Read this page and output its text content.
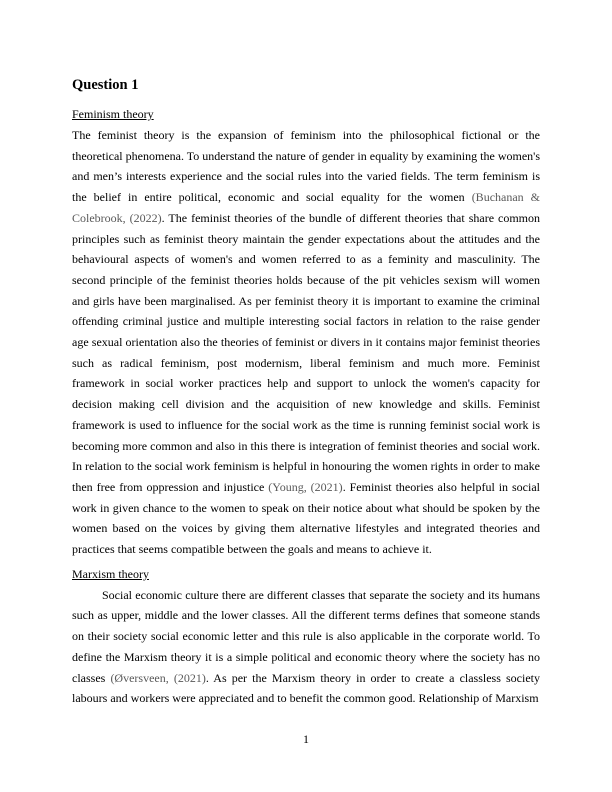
Question 1
Feminism theory

The feminist theory is the expansion of feminism into the philosophical fictional or the theoretical phenomena. To understand the nature of gender in equality by examining the women's and men’s interests experience and the social rules into the varied fields. The term feminism is the belief in entire political, economic and social equality for the women (Buchanan & Colebrook, (2022). The feminist theories of the bundle of different theories that share common principles such as feminist theory maintain the gender expectations about the attitudes and the behavioural aspects of women's and women referred to as a feminity and masculinity. The second principle of the feminist theories holds because of the pit vehicles sexism will women and girls have been marginalised. As per feminist theory it is important to examine the criminal offending criminal justice and multiple interesting social factors in relation to the raise gender age sexual orientation also the theories of feminist or divers in it contains major feminist theories such as radical feminism, post modernism, liberal feminism and much more. Feminist framework in social worker practices help and support to unlock the women's capacity for decision making cell division and the acquisition of new knowledge and skills. Feminist framework is used to influence for the social work as the time is running feminist social work is becoming more common and also in this there is integration of feminist theories and social work. In relation to the social work feminism is helpful in honouring the women rights in order to make then free from oppression and injustice (Young, (2021). Feminist theories also helpful in social work in given chance to the women to speak on their notice about what should be spoken by the women based on the voices by giving them alternative lifestyles and integrated theories and practices that seems compatible between the goals and means to achieve it.

Marxism theory

Social economic culture there are different classes that separate the society and its humans such as upper, middle and the lower classes. All the different terms defines that someone stands on their society social economic letter and this rule is also applicable in the corporate world. To define the Marxism theory it is a simple political and economic theory where the society has no classes (Øversveen, (2021). As per the Marxism theory in order to create a classless society labours and workers were appreciated and to benefit the common good. Relationship of Marxism

1
